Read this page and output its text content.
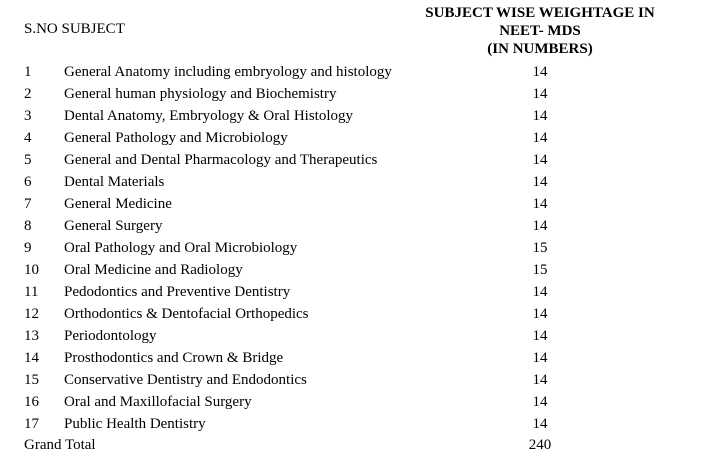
S.NO SUBJECT
SUBJECT WISE WEIGHTAGE IN
NEET- MDS
(IN NUMBERS)
1 General Anatomy including embryology and histology	14
2 General human physiology and Biochemistry	14
3 Dental Anatomy, Embryology & Oral Histology	14
4 General Pathology and Microbiology	14
5 General and Dental Pharmacology and Therapeutics	14
6 Dental Materials	14
7 General Medicine	14
8 General Surgery	14
9 Oral Pathology and Oral Microbiology	15
10 Oral Medicine and Radiology	15
11 Pedodontics and Preventive Dentistry	14
12 Orthodontics & Dentofacial Orthopedics	14
13 Periodontology	14
14 Prosthodontics and Crown & Bridge	14
15 Conservative Dentistry and Endodontics	14
16 Oral and Maxillofacial Surgery	14
17 Public Health Dentistry	14
Grand Total	240
